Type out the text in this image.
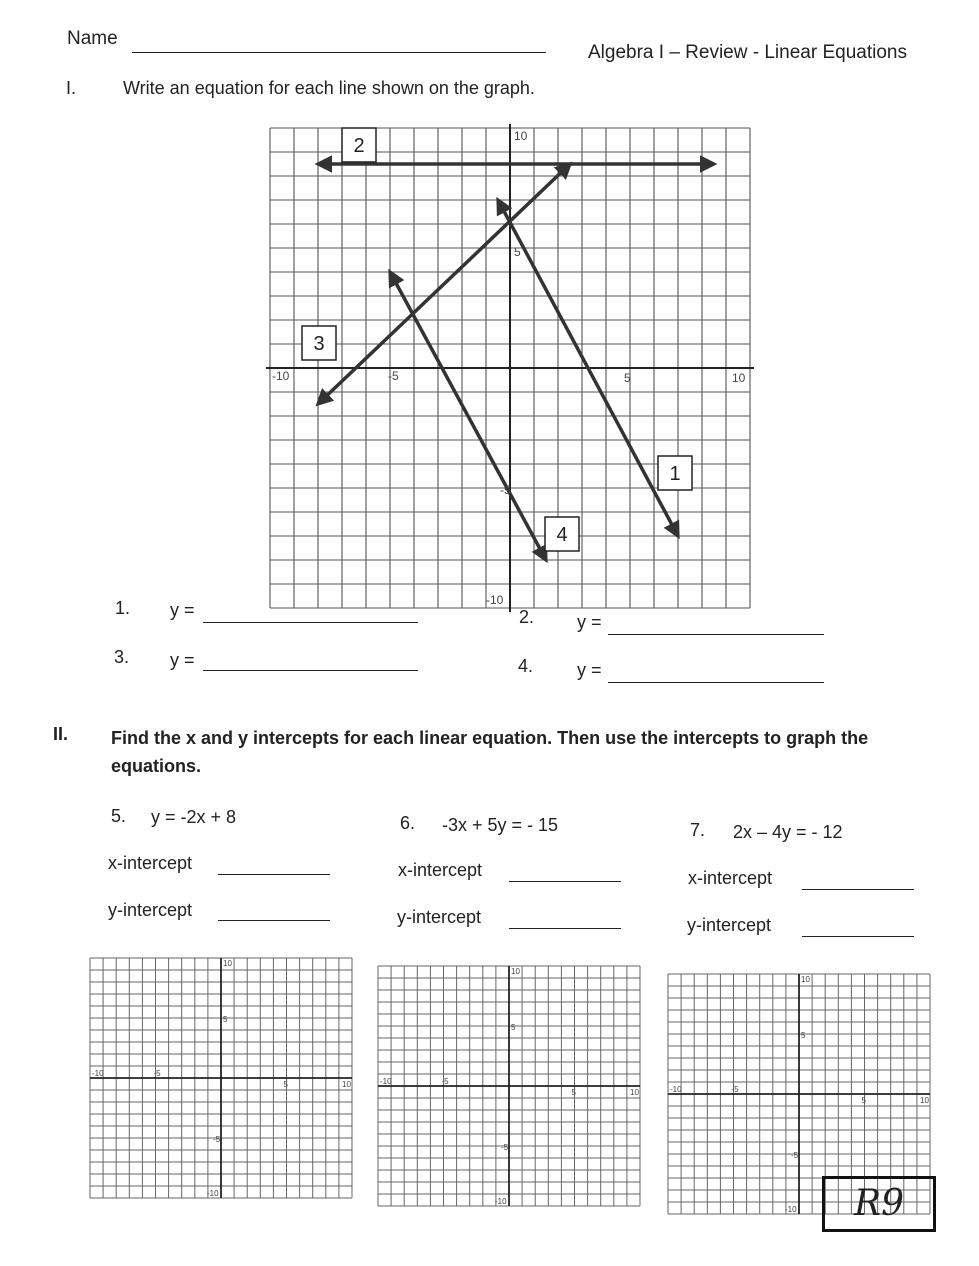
Name
Algebra I – Review - Linear Equations
I.	Write an equation for each line shown on the graph.
-10	10
10
-10
5
-5
5
-5
1
2
3
4
1. y =	2. y =
3. y =	4. y =
II. Find the x and y intercepts for each linear equation. Then use the intercepts to graph the equations.
5. y = -2x + 8
x-intercept
y-intercept
6. -3x + 5y = - 15
x-intercept
y-intercept
7. 2x – 4y = - 12
x-intercept
y-intercept
10
-10
-10
10
5
-5
5
-5
10
-10
-10
10
5
-5
5
-5
10
-10
-10
10
5
-5
5
-5
R9
